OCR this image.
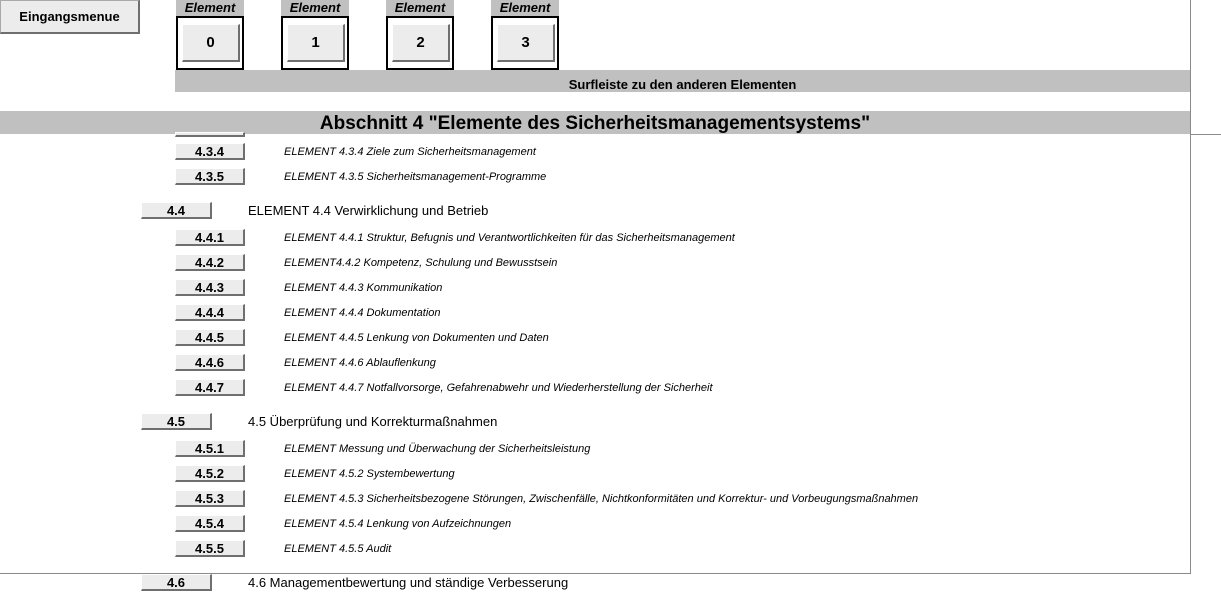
Eingangsmenue
Element
0
Element
1
Element
2
Element
3
Surfleiste zu den anderen Elementen
Abschnitt 4 "Elemente des Sicherheitsmanagementsystems"
4.3.4	ELEMENT 4.3.4 Ziele zum Sicherheitsmanagement
4.3.5	ELEMENT 4.3.5 Sicherheitsmanagement-Programme
4.4	ELEMENT 4.4 Verwirklichung und Betrieb
4.4.1	ELEMENT 4.4.1 Struktur, Befugnis und Verantwortlichkeiten für das Sicherheitsmanagement
4.4.2	ELEMENT4.4.2 Kompetenz, Schulung und Bewusstsein
4.4.3	ELEMENT 4.4.3 Kommunikation
4.4.4	ELEMENT 4.4.4 Dokumentation
4.4.5	ELEMENT 4.4.5 Lenkung von Dokumenten und Daten
4.4.6	ELEMENT 4.4.6 Ablauflenkung
4.4.7	ELEMENT 4.4.7 Notfallvorsorge, Gefahrenabwehr und Wiederherstellung der Sicherheit
4.5	4.5 Überprüfung und Korrekturmaßnahmen
4.5.1	ELEMENT Messung und Überwachung der Sicherheitsleistung
4.5.2	ELEMENT 4.5.2 Systembewertung
4.5.3	ELEMENT 4.5.3 Sicherheitsbezogene Störungen, Zwischenfälle, Nichtkonformitäten und Korrektur- und Vorbeugungsmaßnahmen
4.5.4	ELEMENT 4.5.4 Lenkung von Aufzeichnungen
4.5.5	ELEMENT 4.5.5 Audit
4.6	4.6 Managementbewertung und ständige Verbesserung
